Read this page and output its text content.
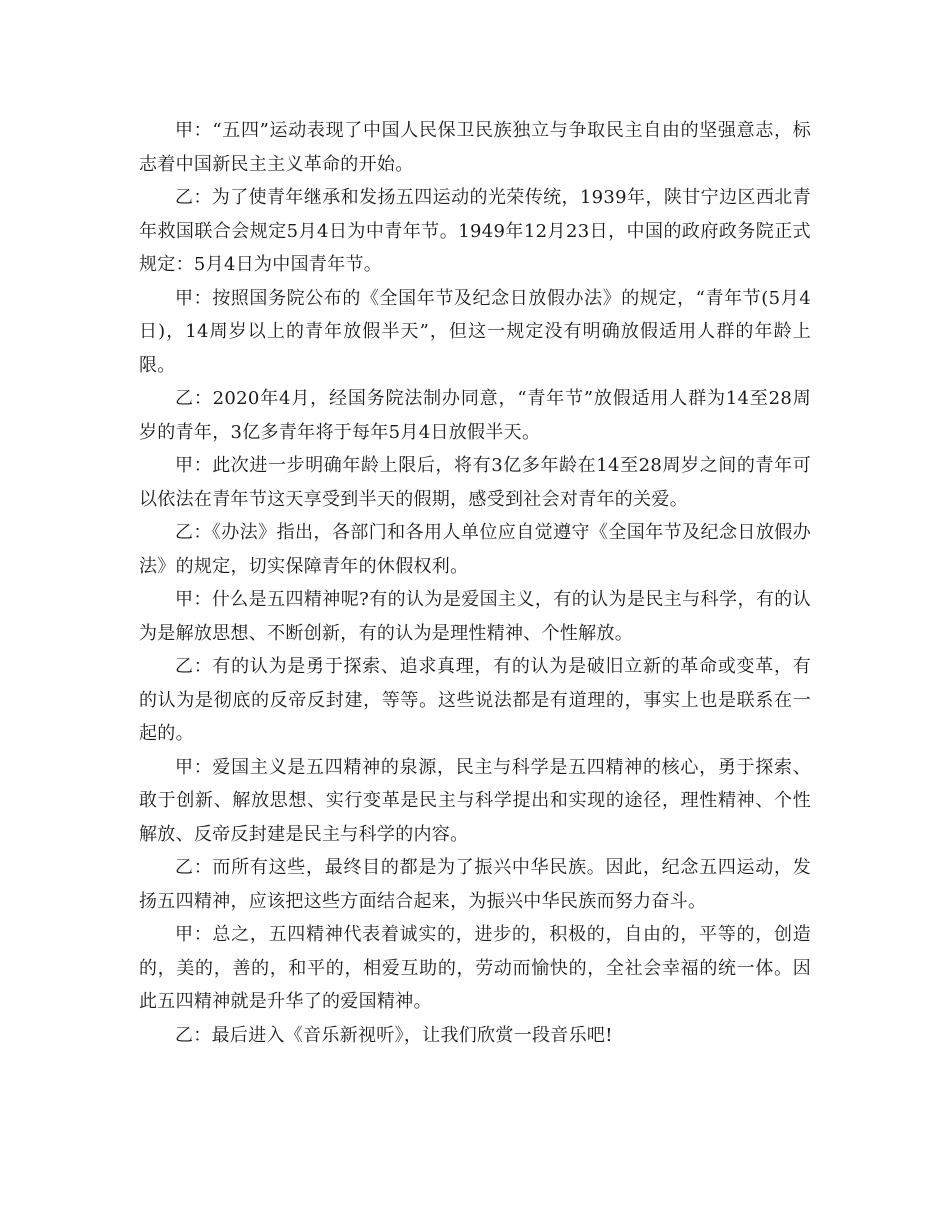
甲：“五四”运动表现了中国人民保卫民族独立与争取民主自由的坚强意志，标志着中国新民主主义革命的开始。

乙：为了使青年继承和发扬五四运动的光荣传统，1939年，陕甘宁边区西北青年救国联合会规定5月4日为中青年节。1949年12月23日，中国的政府政务院正式规定：5月4日为中国青年节。

甲：按照国务院公布的《全国年节及纪念日放假办法》的规定，“青年节(5月4日)，14周岁以上的青年放假半天”，但这一规定没有明确放假适用人群的年龄上限。

乙：2020年4月，经国务院法制办同意，“青年节”放假适用人群为14至28周岁的青年，3亿多青年将于每年5月4日放假半天。

甲：此次进一步明确年龄上限后，将有3亿多年龄在14至28周岁之间的青年可以依法在青年节这天享受到半天的假期，感受到社会对青年的关爱。

乙：《办法》指出，各部门和各用人单位应自觉遵守《全国年节及纪念日放假办法》的规定，切实保障青年的休假权利。

甲：什么是五四精神呢?有的认为是爱国主义，有的认为是民主与科学，有的认为是解放思想、不断创新，有的认为是理性精神、个性解放。

乙：有的认为是勇于探索、追求真理，有的认为是破旧立新的革命或变革，有的认为是彻底的反帝反封建，等等。这些说法都是有道理的，事实上也是联系在一起的。

甲：爱国主义是五四精神的泉源，民主与科学是五四精神的核心，勇于探索、敢于创新、解放思想、实行变革是民主与科学提出和实现的途径，理性精神、个性解放、反帝反封建是民主与科学的内容。

乙：而所有这些，最终目的都是为了振兴中华民族。因此，纪念五四运动，发扬五四精神，应该把这些方面结合起来，为振兴中华民族而努力奋斗。

甲：总之，五四精神代表着诚实的，进步的，积极的，自由的，平等的，创造的，美的，善的，和平的，相爱互助的，劳动而愉快的，全社会幸福的统一体。因此五四精神就是升华了的爱国精神。

乙：最后进入《音乐新视听》，让我们欣赏一段音乐吧!
